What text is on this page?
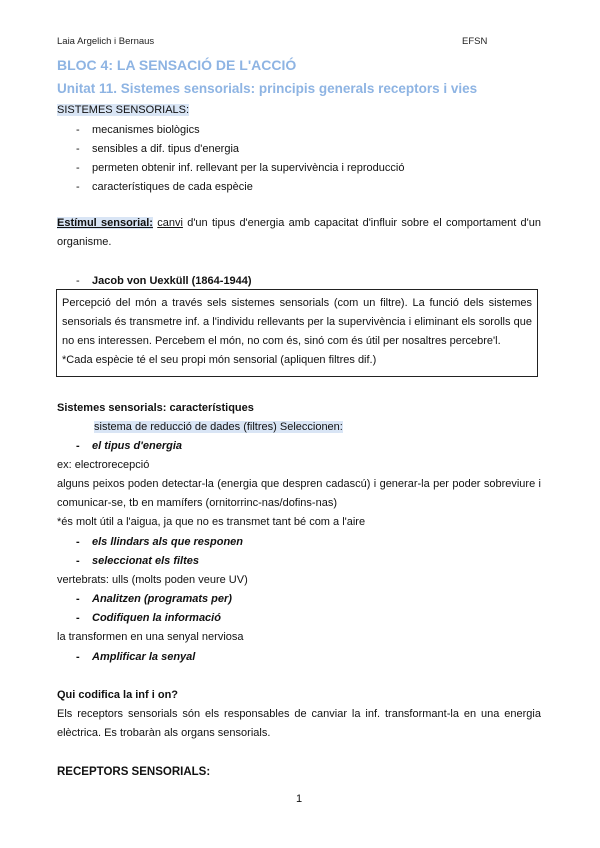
Laia Argelich i Bernaus	EFSN
BLOC 4: LA SENSACIÓ DE L'ACCIÓ
Unitat 11. Sistemes sensorials: principis generals receptors i vies
SISTEMES SENSORIALS:
- mecanismes biològics
- sensibles a dif. tipus d'energia
- permeten obtenir inf. rellevant per la supervivència i reproducció
- característiques de cada espècie
Estímul sensorial: canvi d'un tipus d'energia amb capacitat d'influir sobre el comportament d'un
organisme.
- Jacob von Uexküll (1864-1944)

Percepció del món a través sels sistemes sensorials (com un filtre). La funció dels sistemes

sensorials és transmetre inf. a l'individu rellevants per la supervivència i eliminant els sorolls que

no ens interessen. Percebem el món, no com és, sinó com és útil per nosaltres percebre'l.

*Cada espècie té el seu propi món sensorial (apliquen filtres dif.)

Sistemes sensorials: característiques
sistema de reducció de dades (filtres) Seleccionen:
- el tipus d'energia
ex: electrorecepció
alguns peixos poden detectar-la (energia que despren cadascú) i generar-la per poder sobreviure i
comunicar-se, tb en mamífers (ornitorrinc-nas/dofins-nas)
*és molt útil a l'aigua, ja que no es transmet tant bé com a l'aire
- els llindars als que responen
- seleccionat els filtes
vertebrats: ulls (molts poden veure UV)
- Analitzen (programats per)
- Codifiquen la informació
la transformen en una senyal nerviosa
- Amplificar la senyal
Qui codifica la inf i on?
Els receptors sensorials són els responsables de canviar la inf. transformant-la en una energia
elèctrica. Es trobaràn als organs sensorials.
RECEPTORS SENSORIALS:
1
